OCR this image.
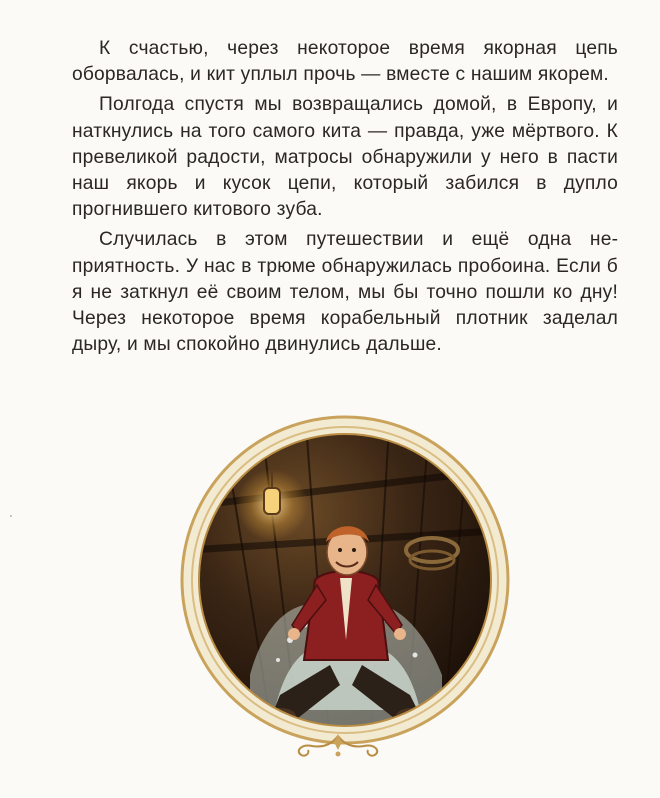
К счастью, через некоторое время якорная цепь оборвалась, и кит уплыл прочь — вместе с нашим якорем.

Полгода спустя мы возвращались домой, в Европу, и наткнулись на того самого кита — правда, уже мёртвого. К превеликой радости, матросы обнаружили у него в пасти наш якорь и кусок цепи, который забился в дупло прогнившего китового зуба.

Случилась в этом путешествии и ещё одна неприятность. У нас в трюме обнаружилась пробоина. Если б я не заткнул её своим телом, мы бы точно пошли ко дну! Через некоторое время корабельный плотник заделал дыру, и мы спокойно двинулись дальше.
